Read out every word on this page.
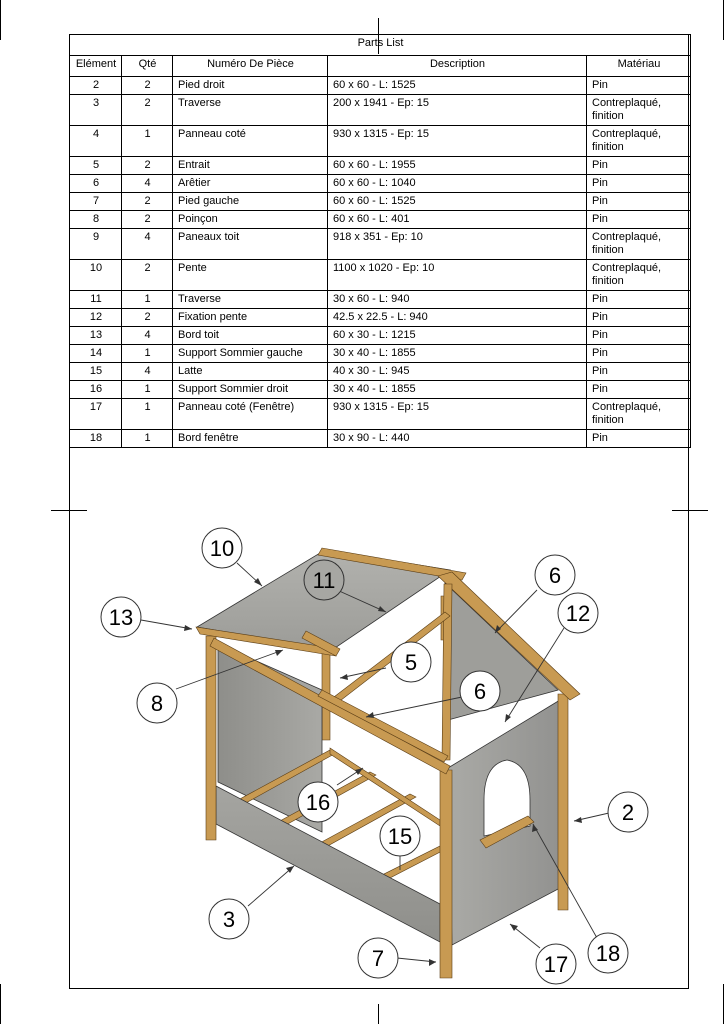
Parts List				
Elément	Qté	Numéro De Pièce	Description	Matériau
2	2	Pied droit	60 x 60 - L: 1525	Pin
3	2	Traverse	200 x 1941 - Ep: 15	Contreplaqué, finition
4	1	Panneau coté	930 x 1315 - Ep: 15	Contreplaqué, finition
5	2	Entrait	60 x 60 - L: 1955	Pin
6	4	Arêtier	60 x 60 - L: 1040	Pin
7	2	Pied gauche	60 x 60 - L: 1525	Pin
8	2	Poinçon	60 x 60 - L: 401	Pin
9	4	Paneaux toit	918 x 351 - Ep: 10	Contreplaqué, finition
10	2	Pente	1100 x 1020 - Ep: 10	Contreplaqué, finition
11	1	Traverse	30 x 60 - L: 940	Pin
12	2	Fixation pente	42.5 x 22.5 - L: 940	Pin
13	4	Bord toit	60 x 30 - L: 1215	Pin
14	1	Support Sommier gauche	30 x 40 - L: 1855	Pin
15	4	Latte	40 x 30 - L: 945	Pin
16	1	Support Sommier droit	30 x 40 - L: 1855	Pin
17	1	Panneau coté (Fenêtre)	930 x 1315 - Ep: 15	Contreplaqué, finition
18	1	Bord fenêtre	30 x 90 - L: 440	Pin
10
11	6
12
13
8
5
6
16
15
2
3
7	17 18
